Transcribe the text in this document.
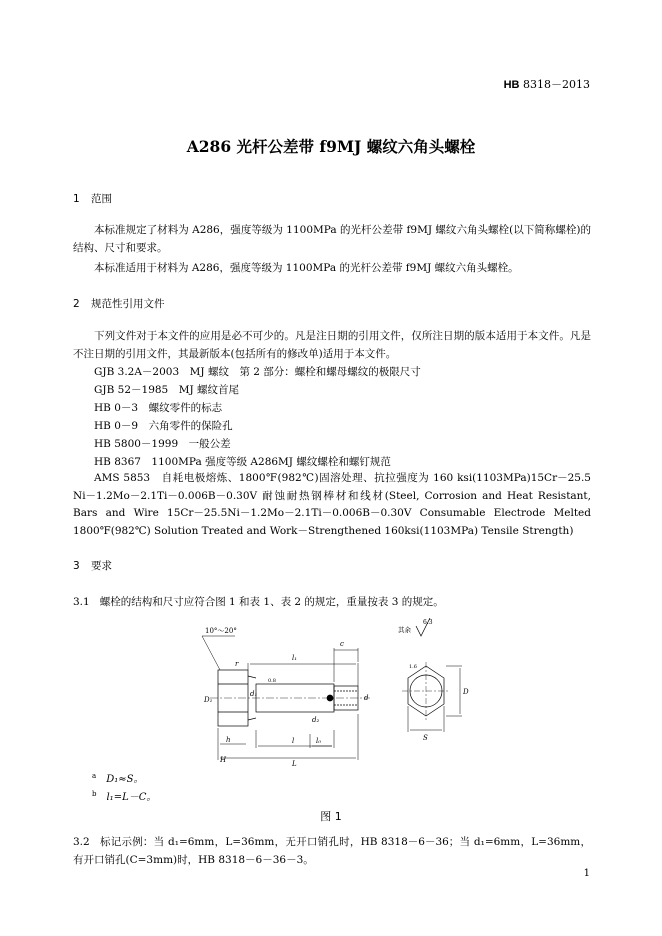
HB 8318－2013
A286 光杆公差带 f9MJ 螺纹六角头螺栓
1 范围
本标准规定了材料为 A286，强度等级为 1100MPa 的光杆公差带 f9MJ 螺纹六角头螺栓(以下简称螺栓)的结构、尺寸和要求。
本标准适用于材料为 A286，强度等级为 1100MPa 的光杆公差带 f9MJ 螺纹六角头螺栓。
2 规范性引用文件
下列文件对于本文件的应用是必不可少的。凡是注日期的引用文件，仅所注日期的版本适用于本文件。凡是不注日期的引用文件，其最新版本(包括所有的修改单)适用于本文件。
GJB 3.2A－2003　MJ 螺纹　第 2 部分：螺栓和螺母螺纹的极限尺寸
GJB 52－1985　MJ 螺纹首尾
HB 0－3　螺纹零件的标志
HB 0－9　六角零件的保险孔
HB 5800－1999　一般公差
HB 8367　1100MPa 强度等级 A286MJ 螺纹螺栓和螺钉规范
AMS 5853　自耗电极熔炼、1800℉(982℃)固溶处理、抗拉强度为 160 ksi(1103MPa)15Cr－25.5 Ni－1.2Mo－2.1Ti－0.006B－0.30V 耐蚀耐热钢棒材和线材(Steel, Corrosion and Heat Resistant, Bars and Wire 15Cr－25.5Ni－1.2Mo－2.1Ti－0.006B－0.30V Consumable Electrode Melted 1800℉(982℃) Solution Treated and Work－Strengthened 160ksi(1103MPa) Tensile Strength)
3 要求
3.1 螺栓的结构和尺寸应符合图 1 和表 1、表 2 的规定，重量按表 3 的规定。
10°～20°
l₁
c
r
D₁
d₁	d
d₂
h
H
l
L
l₀
0.8
其余
6.3
S
D
1.6
$^a$ D₁≈S。
$^b$ l₁=L－C。
图 1
3.2 标记示例：当 d₁=6mm，L=36mm，无开口销孔时，HB 8318－6－36；当 d₁=6mm，L=36mm，有开口销孔(C=3mm)时，HB 8318－6－36－3。
1
